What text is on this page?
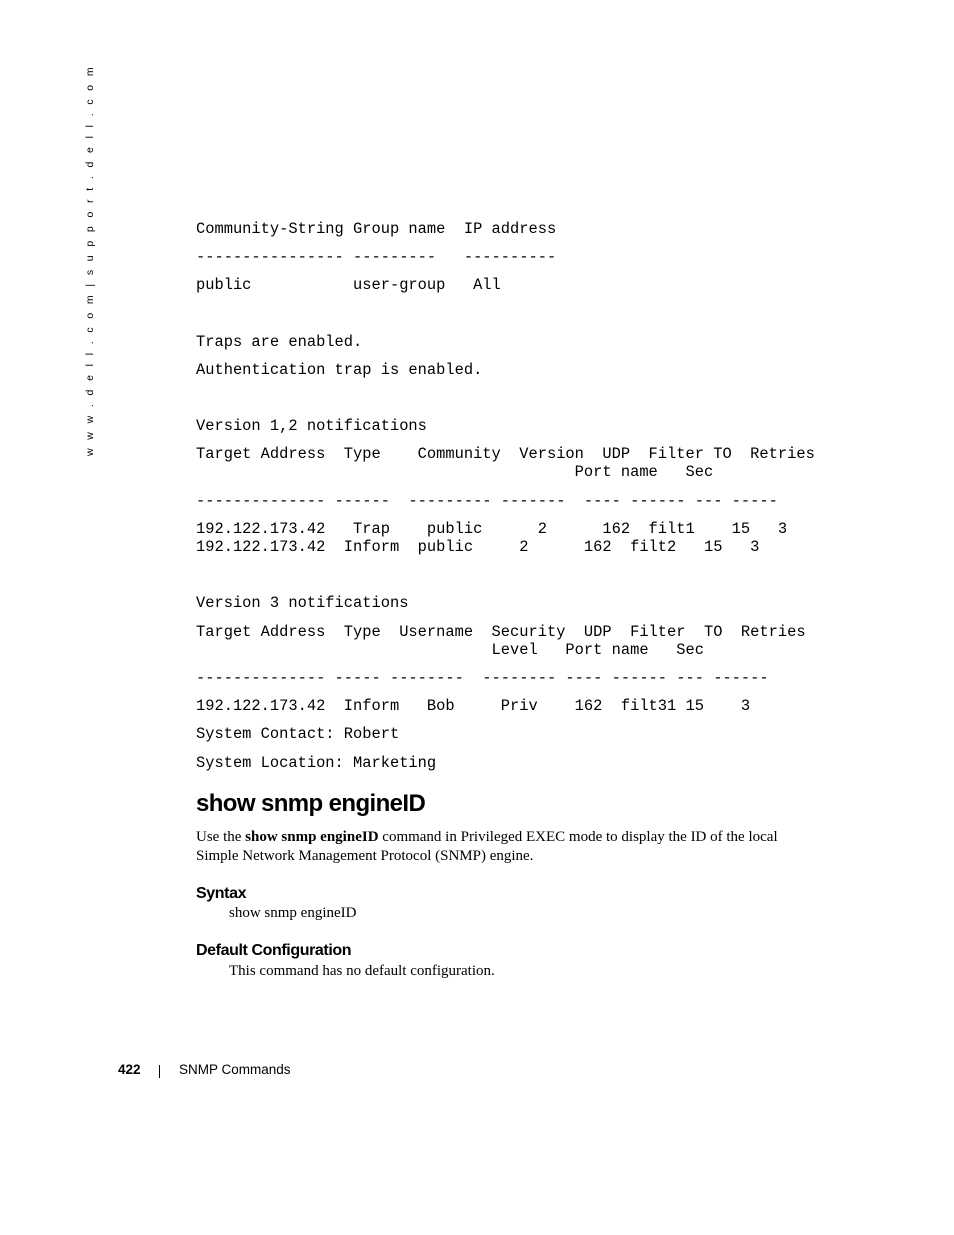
w w w . d e l l . c o m | s u p p o r t . d e l l . c o m	Community-String Group name  IP address
---------------- ---------   ----------
public           user-group   All
Traps are enabled.
Authentication trap is enabled.
Version 1,2 notifications
Target Address  Type    Community  Version  UDP  Filter TO  Retries
Port name   Sec
-------------- ------  --------- -------  ---- ------ --- -----
192.122.173.42   Trap    public      2      162  filt1    15   3
192.122.173.42  Inform  public     2      162  filt2   15   3
Version 3 notifications
Target Address  Type  Username  Security  UDP  Filter  TO  Retries
Level   Port name   Sec
-------------- ----- --------  -------- ---- ------ --- ------
192.122.173.42  Inform   Bob     Priv    162  filt31 15    3
System Contact: Robert
System Location: Marketing
show snmp engineID

Use the show snmp engineID command in Privileged EXEC mode to display the ID of the local Simple Network Management Protocol (SNMP) engine.

Syntax

show snmp engineID

Default Configuration

This command has no default configuration.

422	SNMP Commands
